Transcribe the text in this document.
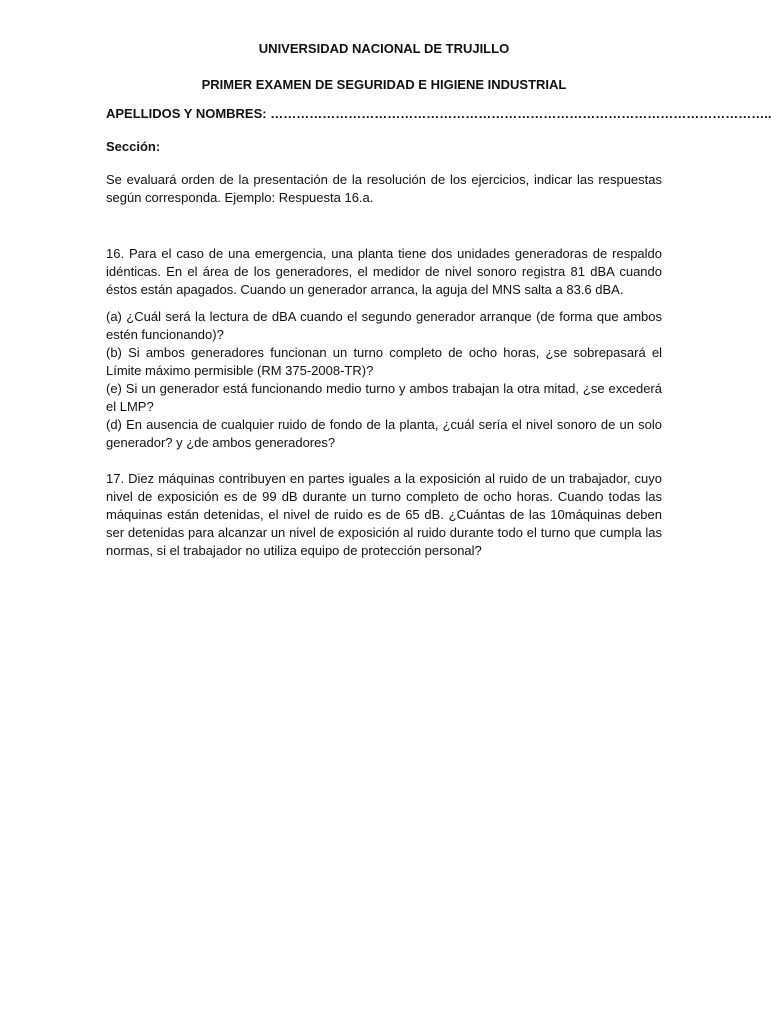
UNIVERSIDAD NACIONAL DE TRUJILLO
PRIMER EXAMEN DE SEGURIDAD E HIGIENE INDUSTRIAL
APELLIDOS Y NOMBRES: ……………………………………………………………………………………………………..
Sección:

Se evaluará orden de la presentación de la resolución de los ejercicios, indicar las respuestas según corresponda. Ejemplo: Respuesta 16.a.

16. Para el caso de una emergencia, una planta tiene dos unidades generadoras de respaldo idénticas. En el área de los generadores, el medidor de nivel sonoro registra 81 dBA cuando éstos están apagados. Cuando un generador arranca, la aguja del MNS salta a 83.6 dBA.

(a) ¿Cuál será la lectura de dBA cuando el segundo generador arranque (de forma que ambos estén funcionando)?

(b) Si ambos generadores funcionan un turno completo de ocho horas, ¿se sobrepasará el Límite máximo permisible (RM 375-2008-TR)?

(e) Si un generador está funcionando medio turno y ambos trabajan la otra mitad, ¿se excederá el LMP?

(d) En ausencia de cualquier ruido de fondo de la planta, ¿cuál sería el nivel sonoro de un solo generador? y ¿de ambos generadores?

17. Diez máquinas contribuyen en partes iguales a la exposición al ruido de un trabajador, cuyo nivel de exposición es de 99 dB durante un turno completo de ocho horas. Cuando todas las máquinas están detenidas, el nivel de ruido es de 65 dB. ¿Cuántas de las 10máquinas deben ser detenidas para alcanzar un nivel de exposición al ruido durante todo el turno que cumpla las normas, si el trabajador no utiliza equipo de protección personal?
